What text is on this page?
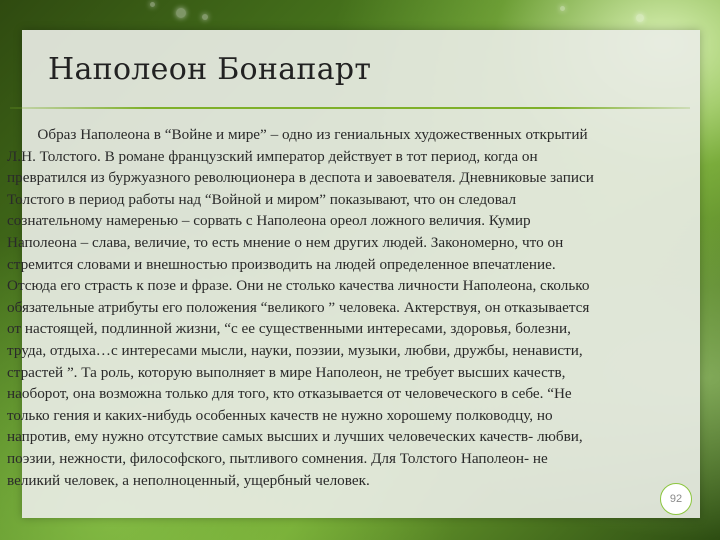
Наполеон Бонапарт

Образ Наполеона в “Войне и мире” – одно из гениальных художественных открытий
Л.Н. Толстого. В романе французский император действует в тот период, когда он
превратился из буржуазного революционера в деспота и завоевателя. Дневниковые записи
Толстого в период работы над “Войной и миром” показывают, что он следовал
сознательному намеренью – сорвать с Наполеона ореол ложного величия. Кумир
Наполеона – слава, величие, то есть мнение о нем других людей. Закономерно, что он
стремится словами и внешностью производить на людей определенное впечатление.
Отсюда его страсть к позе и фразе. Они не столько качества личности Наполеона, сколько
обязательные атрибуты его положения “великого ” человека. Актерствуя, он отказывается
от настоящей, подлинной жизни, “с ее существенными интересами, здоровья, болезни,
труда, отдыха…с интересами мысли, науки, поэзии, музыки, любви, дружбы, ненависти,
страстей ”. Та роль, которую выполняет в мире Наполеон, не требует высших качеств,
наоборот, она возможна только для того, кто отказывается от человеческого в себе. “Не
только гения и каких-нибудь особенных качеств не нужно хорошему полководцу, но
напротив, ему нужно отсутствие самых высших и лучших человеческих качеств- любви,
поэзии, нежности, философского, пытливого сомнения. Для Толстого Наполеон- не
великий человек, а неполноценный, ущербный человек.

92
